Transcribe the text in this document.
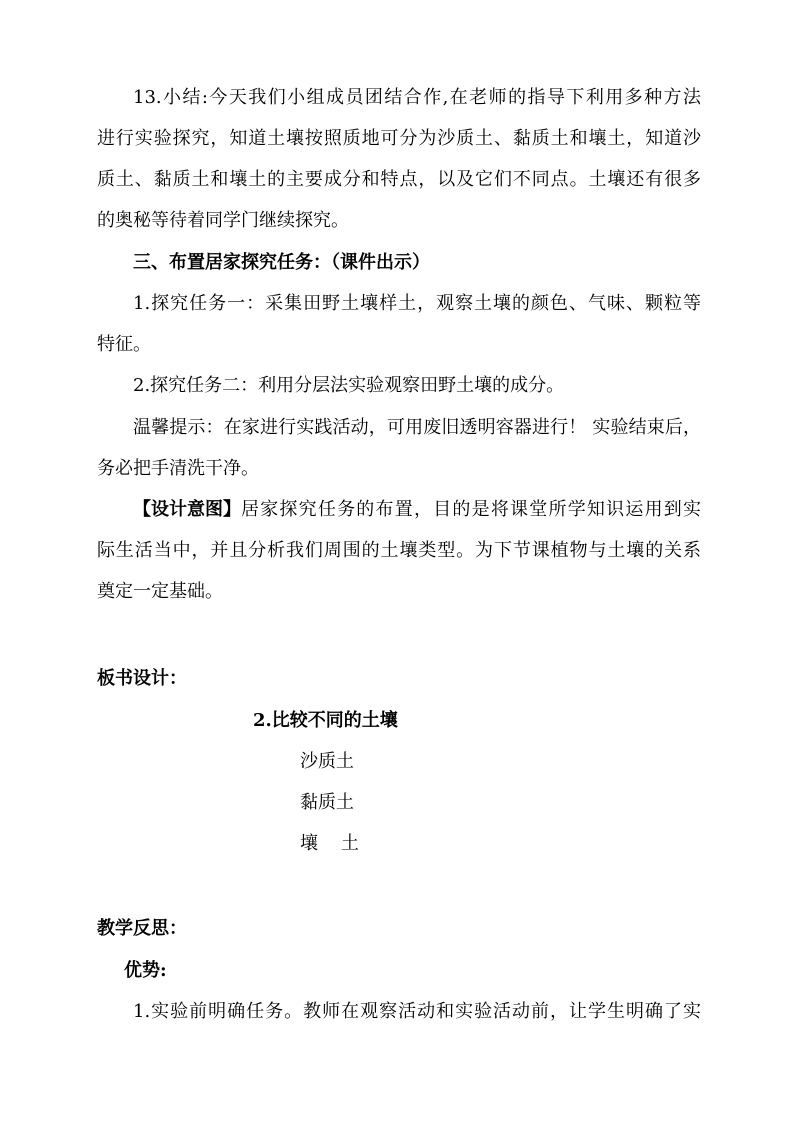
13.小结:今天我们小组成员团结合作,在老师的指导下利用多种方法
进行实验探究，知道土壤按照质地可分为沙质土、黏质土和壤土，知道沙
质土、黏质土和壤土的主要成分和特点，以及它们不同点。土壤还有很多
的奥秘等待着同学门继续探究。
三、布置居家探究任务：（课件出示）
1.探究任务一：采集田野土壤样土，观察土壤的颜色、气味、颗粒等
特征。
2.探究任务二：利用分层法实验观察田野土壤的成分。
温馨提示：在家进行实践活动，可用废旧透明容器进行！ 实验结束后，
务必把手清洗干净。
【设计意图】 居家探究任务的布置，目的是将课堂所学知识运用到实
际生活当中，并且分析我们周围的土壤类型。为下节课植物与土壤的关系
奠定一定基础。
板书设计：
2.比较不同的土壤
沙质土
黏质土
壤    土
教学反思：
优势:
1.实验前明确任务。教师在观察活动和实验活动前，让学生明确了实
